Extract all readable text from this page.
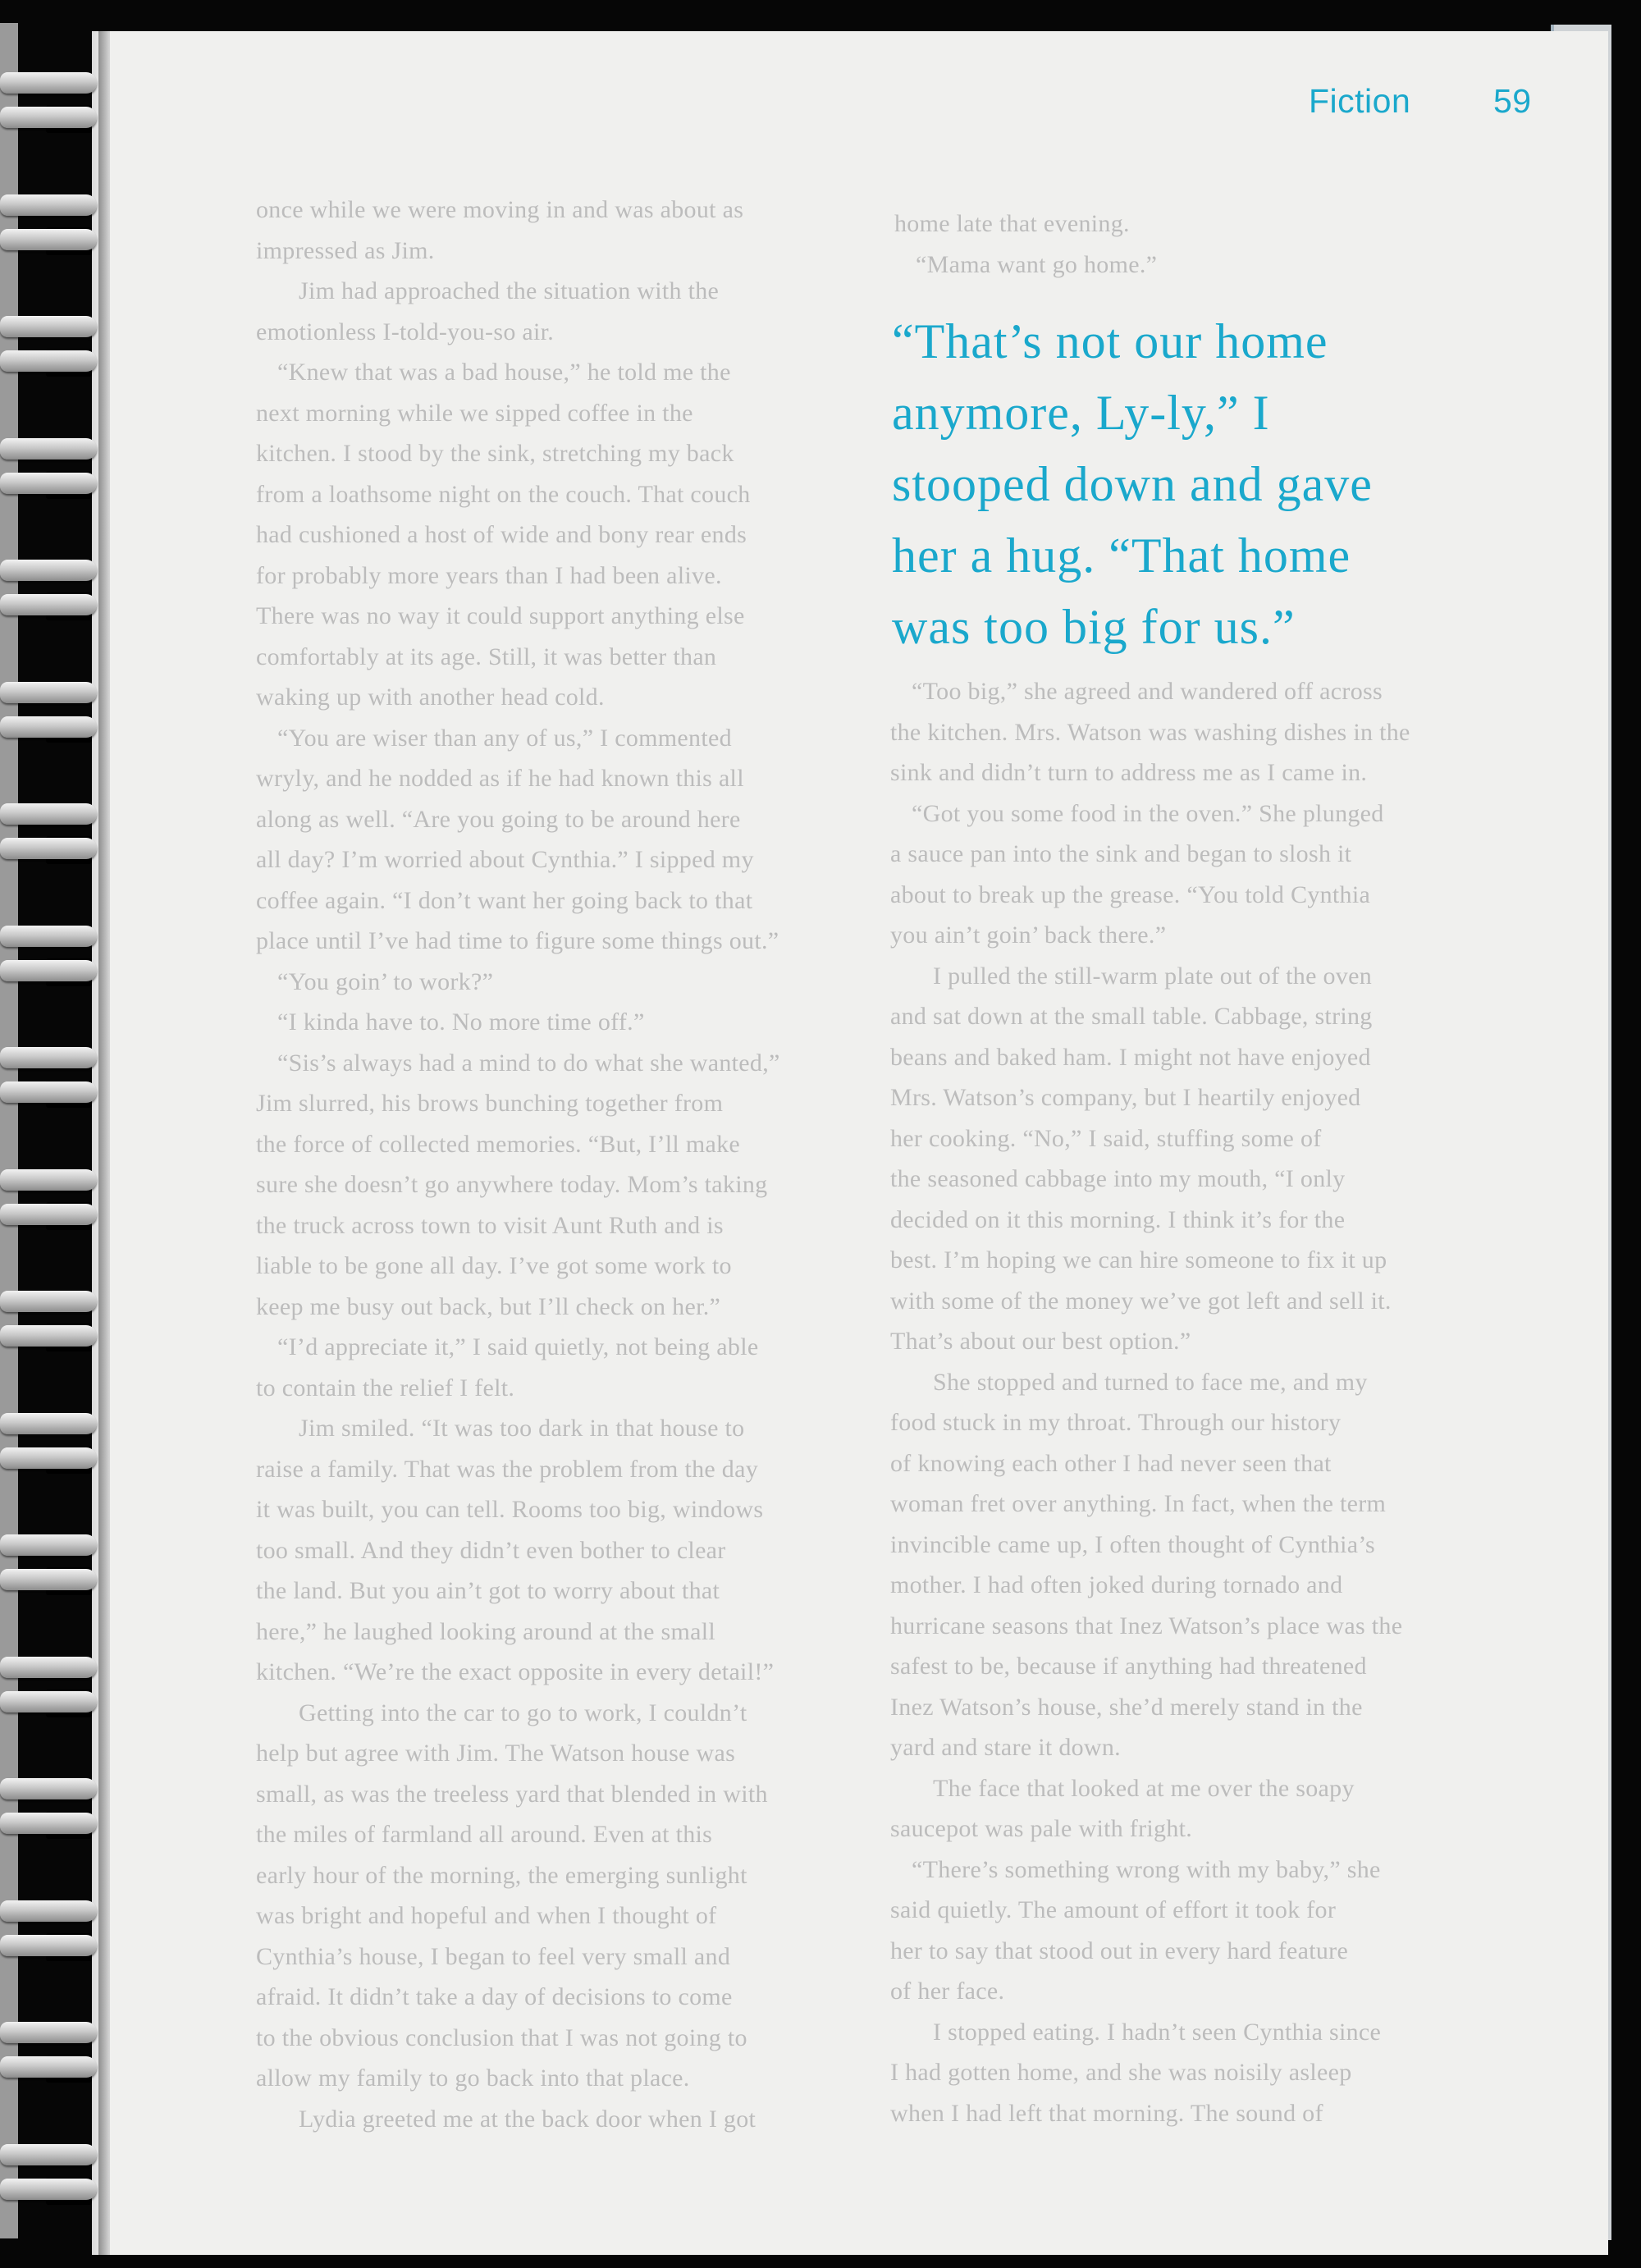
Fiction 59
once while we were moving in and was about as
impressed as Jim.
Jim had approached the situation with the
emotionless I-told-you-so air.
“Knew that was a bad house,” he told me the
next morning while we sipped coffee in the
kitchen. I stood by the sink, stretching my back
from a loathsome night on the couch. That couch
had cushioned a host of wide and bony rear ends
for probably more years than I had been alive.
There was no way it could support anything else
comfortably at its age. Still, it was better than
waking up with another head cold.
“You are wiser than any of us,” I commented
wryly, and he nodded as if he had known this all
along as well. “Are you going to be around here
all day? I’m worried about Cynthia.” I sipped my
coffee again. “I don’t want her going back to that
place until I’ve had time to figure some things out.”
“You goin’ to work?”
“I kinda have to. No more time off.”
“Sis’s always had a mind to do what she wanted,”
Jim slurred, his brows bunching together from
the force of collected memories. “But, I’ll make
sure she doesn’t go anywhere today. Mom’s taking
the truck across town to visit Aunt Ruth and is
liable to be gone all day. I’ve got some work to
keep me busy out back, but I’ll check on her.”
“I’d appreciate it,” I said quietly, not being able
to contain the relief I felt.
Jim smiled. “It was too dark in that house to
raise a family. That was the problem from the day
it was built, you can tell. Rooms too big, windows
too small. And they didn’t even bother to clear
the land. But you ain’t got to worry about that
here,” he laughed looking around at the small
kitchen. “We’re the exact opposite in every detail!”
Getting into the car to go to work, I couldn’t
help but agree with Jim. The Watson house was
small, as was the treeless yard that blended in with
the miles of farmland all around. Even at this
early hour of the morning, the emerging sunlight
was bright and hopeful and when I thought of
Cynthia’s house, I began to feel very small and
afraid. It didn’t take a day of decisions to come
to the obvious conclusion that I was not going to
allow my family to go back into that place.
Lydia greeted me at the back door when I got
home late that evening.
“Mama want go home.”
“That’s not our home
anymore, Ly-ly,” I
stooped down and gave
her a hug. “That home
was too big for us.”
“Too big,” she agreed and wandered off across
the kitchen. Mrs. Watson was washing dishes in the
sink and didn’t turn to address me as I came in.
“Got you some food in the oven.” She plunged
a sauce pan into the sink and began to slosh it
about to break up the grease. “You told Cynthia
you ain’t goin’ back there.”
I pulled the still-warm plate out of the oven
and sat down at the small table. Cabbage, string
beans and baked ham. I might not have enjoyed
Mrs. Watson’s company, but I heartily enjoyed
her cooking. “No,” I said, stuffing some of
the seasoned cabbage into my mouth, “I only
decided on it this morning. I think it’s for the
best. I’m hoping we can hire someone to fix it up
with some of the money we’ve got left and sell it.
That’s about our best option.”
She stopped and turned to face me, and my
food stuck in my throat. Through our history
of knowing each other I had never seen that
woman fret over anything. In fact, when the term
invincible came up, I often thought of Cynthia’s
mother. I had often joked during tornado and
hurricane seasons that Inez Watson’s place was the
safest to be, because if anything had threatened
Inez Watson’s house, she’d merely stand in the
yard and stare it down.
The face that looked at me over the soapy
saucepot was pale with fright.
“There’s something wrong with my baby,” she
said quietly. The amount of effort it took for
her to say that stood out in every hard feature
of her face.
I stopped eating. I hadn’t seen Cynthia since
I had gotten home, and she was noisily asleep
when I had left that morning. The sound of
